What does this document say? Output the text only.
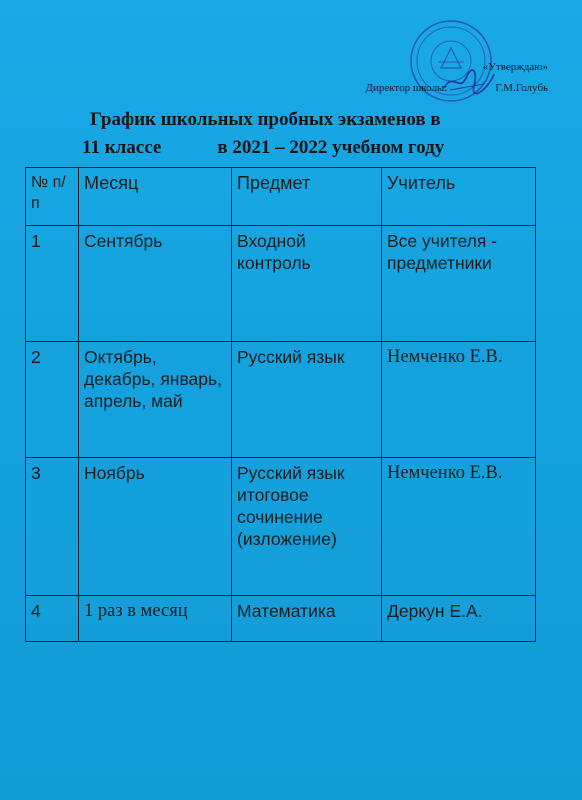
«Утверждаю»
Директор школы:	Г.М.Голубь
График школьных пробных экзаменов в
11 классе	в 2021 – 2022 учебном году
№ п/п	Месяц	Предмет	Учитель
1	Сентябрь	Входной контроль	Все учителя - предметники
2	Октябрь, декабрь, январь, апрель, май	Русский язык	Немченко Е.В.
3	Ноябрь	Русский язык итоговое сочинение (изложение)	Немченко Е.В.
4	1 раз в месяц	Математика	Деркун Е.А.
